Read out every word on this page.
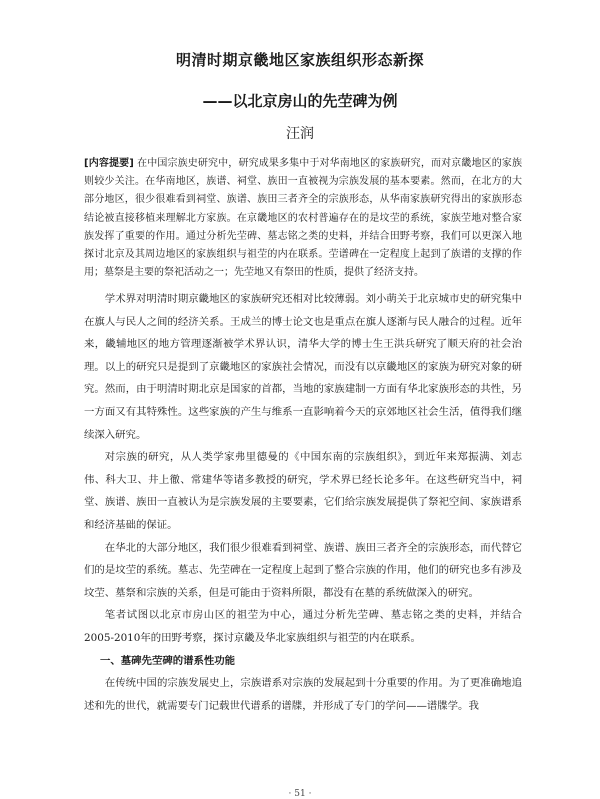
明清时期京畿地区家族组织形态新探
——以北京房山的先茔碑为例
汪润

[内容提要] 在中国宗族史研究中，研究成果多集中于对华南地区的家族研究，而对京畿地区的家族则较少关注。在华南地区，族谱、祠堂、族田一直被视为宗族发展的基本要素。然而，在北方的大部分地区，很少很难看到祠堂、族谱、族田三者齐全的宗族形态，从华南家族研究得出的家族形态结论被直接移植来理解北方家族。在京畿地区的农村普遍存在的是坟茔的系统，家族茔地对整合家族发挥了重要的作用。通过分析先茔碑、墓志铭之类的史料，并结合田野考察，我们可以更深入地探讨北京及其周边地区的家族组织与祖茔的内在联系。茔谱碑在一定程度上起到了族谱的支撑的作用；墓祭是主要的祭祀活动之一；先茔地又有祭田的性质，提供了经济支持。

学术界对明清时期京畿地区的家族研究还相对比较薄弱。刘小萌关于北京城市史的研究集中在旗人与民人之间的经济关系。王成兰的博士论文也是重点在旗人逐渐与民人融合的过程。近年来，畿辅地区的地方管理逐渐被学术界认识，清华大学的博士生王洪兵研究了顺天府的社会治理。以上的研究只是提到了京畿地区的家族社会情况，而没有以京畿地区的家族为研究对象的研究。然而，由于明清时期北京是国家的首都，当地的家族建制一方面有华北家族形态的共性，另一方面又有其特殊性。这些家族的产生与维系一直影响着今天的京郊地区社会生活，值得我们继续深入研究。

对宗族的研究，从人类学家弗里德曼的《中国东南的宗族组织》，到近年来郑振满、刘志伟、科大卫、井上徹、常建华等诸多教授的研究，学术界已经长论多年。在这些研究当中，祠堂、族谱、族田一直被认为是宗族发展的主要要素，它们给宗族发展提供了祭祀空间、家族谱系和经济基础的保证。

在华北的大部分地区，我们很少很难看到祠堂、族谱、族田三者齐全的宗族形态，而代替它们的是坟茔的系统。墓志、先茔碑在一定程度上起到了整合宗族的作用，他们的研究也多有涉及坟茔、墓祭和宗族的关系，但是可能由于资料所限，都没有在墓的系统做深入的研究。

笔者试图以北京市房山区的祖茔为中心，通过分析先茔碑、墓志铭之类的史料，并结合2005-2010年的田野考察，探讨京畿及华北家族组织与祖茔的内在联系。

一、墓碑先茔碑的谱系性功能

在传统中国的宗族发展史上，宗族谱系对宗族的发展起到十分重要的作用。为了更准确地追述和先的世代，就需要专门记载世代谱系的谱牒，并形成了专门的学问——谱牒学。我

· 51 ·
